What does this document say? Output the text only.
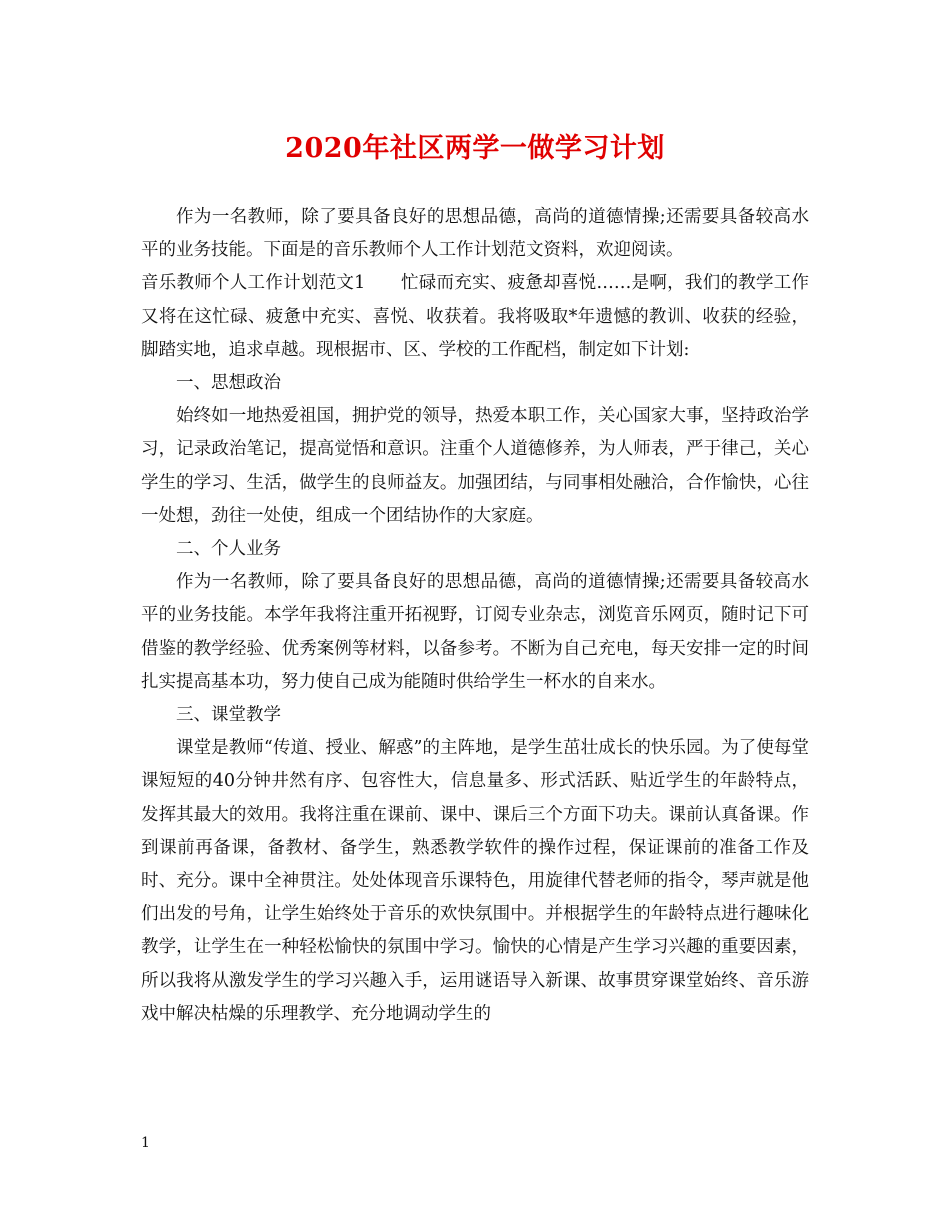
2020年社区两学一做学习计划

作为一名教师，除了要具备良好的思想品德，高尚的道德情操;还需要具备较高水平的业务技能。下面是的音乐教师个人工作计划范文资料，欢迎阅读。

音乐教师个人工作计划范文1　　忙碌而充实、疲惫却喜悦……是啊，我们的教学工作又将在这忙碌、疲惫中充实、喜悦、收获着。我将吸取*年遗憾的教训、收获的经验，脚踏实地，追求卓越。现根据市、区、学校的工作配档，制定如下计划:

一、思想政治

始终如一地热爱祖国，拥护党的领导，热爱本职工作，关心国家大事，坚持政治学习，记录政治笔记，提高觉悟和意识。注重个人道德修养，为人师表，严于律己，关心学生的学习、生活，做学生的良师益友。加强团结，与同事相处融洽，合作愉快，心往一处想，劲往一处使，组成一个团结协作的大家庭。

二、个人业务

作为一名教师，除了要具备良好的思想品德，高尚的道德情操;还需要具备较高水平的业务技能。本学年我将注重开拓视野，订阅专业杂志，浏览音乐网页，随时记下可借鉴的教学经验、优秀案例等材料，以备参考。不断为自己充电，每天安排一定的时间扎实提高基本功，努力使自己成为能随时供给学生一杯水的自来水。

三、课堂教学

课堂是教师“传道、授业、解惑”的主阵地，是学生茁壮成长的快乐园。为了使每堂课短短的40分钟井然有序、包容性大，信息量多、形式活跃、贴近学生的年龄特点，发挥其最大的效用。我将注重在课前、课中、课后三个方面下功夫。课前认真备课。作到课前再备课，备教材、备学生，熟悉教学软件的操作过程，保证课前的准备工作及时、充分。课中全神贯注。处处体现音乐课特色，用旋律代替老师的指令，琴声就是他们出发的号角，让学生始终处于音乐的欢快氛围中。并根据学生的年龄特点进行趣味化教学，让学生在一种轻松愉快的氛围中学习。愉快的心情是产生学习兴趣的重要因素，所以我将从激发学生的学习兴趣入手，运用谜语导入新课、故事贯穿课堂始终、音乐游戏中解决枯燥的乐理教学、充分地调动学生的

1
